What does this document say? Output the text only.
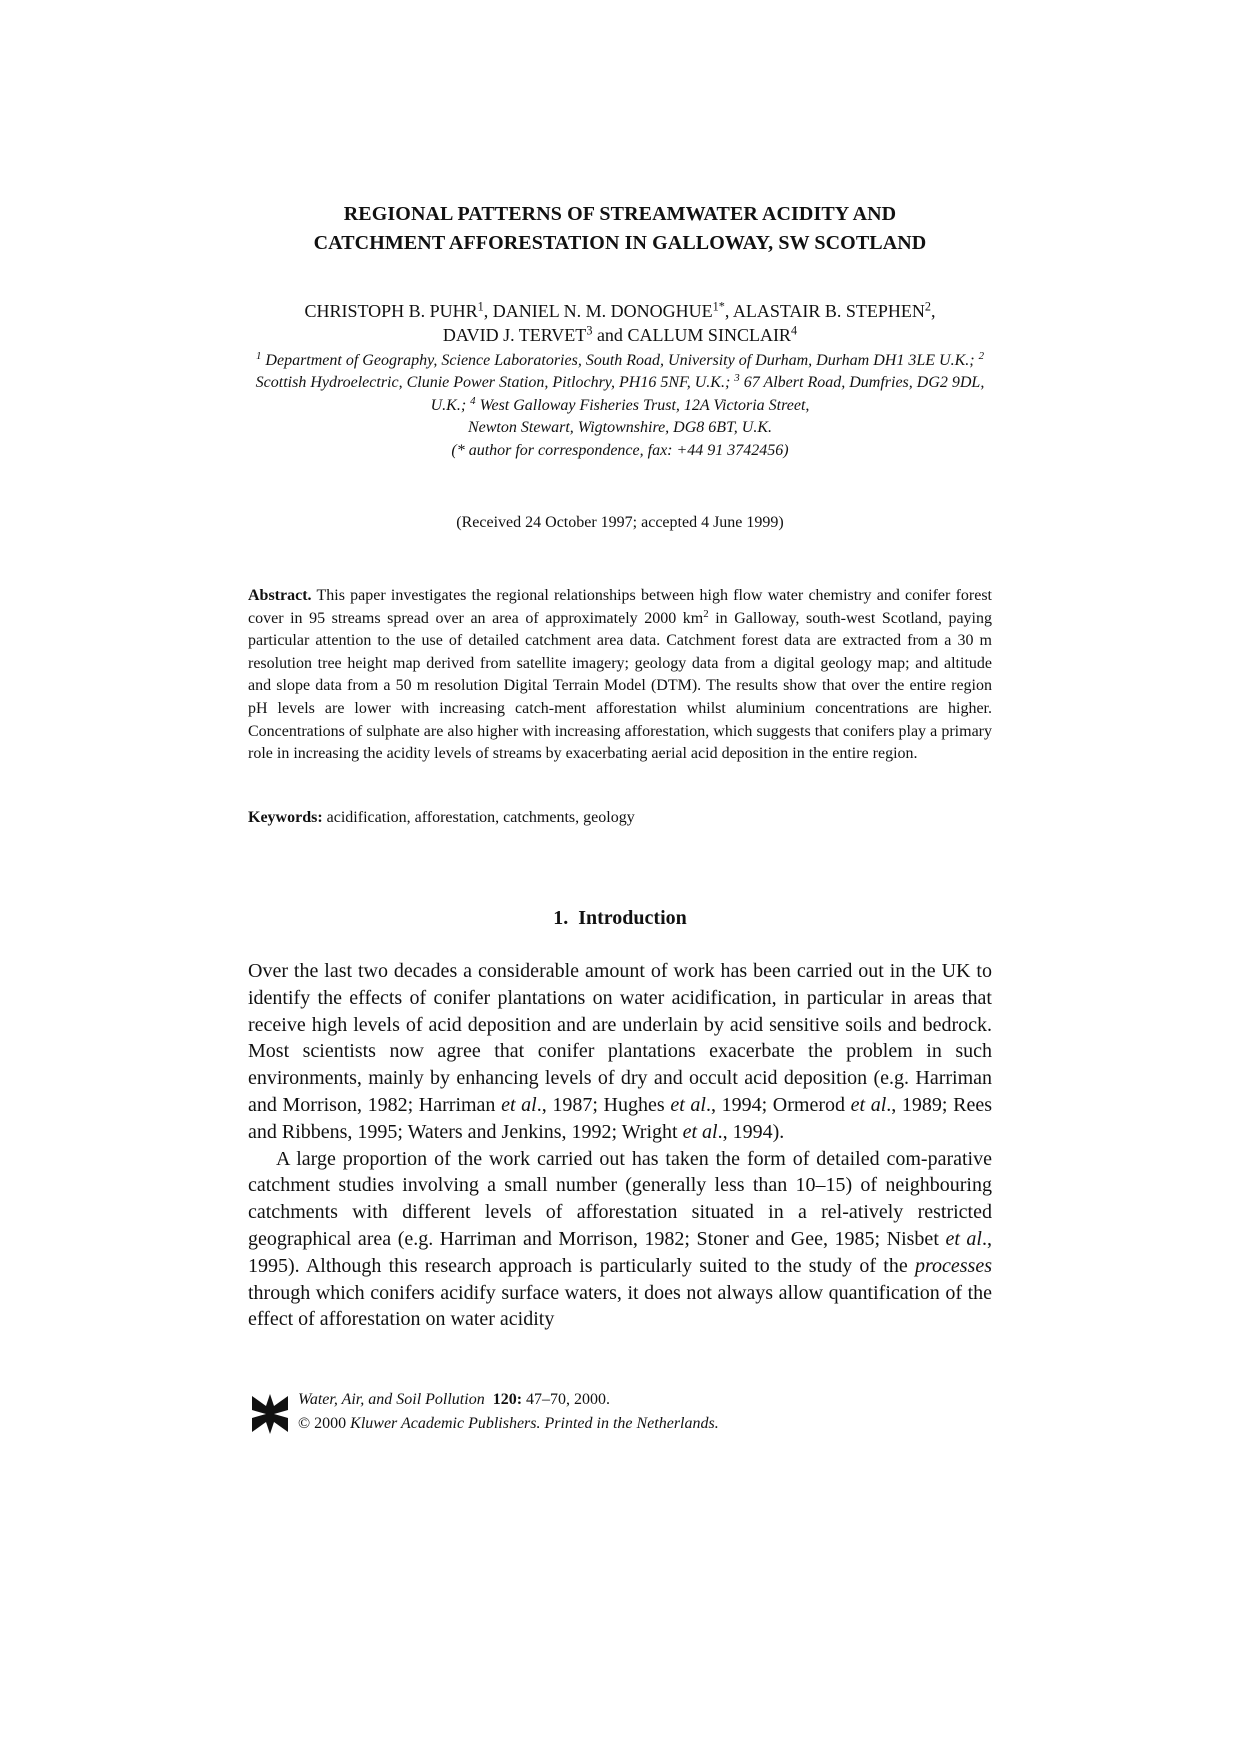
REGIONAL PATTERNS OF STREAMWATER ACIDITY AND
CATCHMENT AFFORESTATION IN GALLOWAY, SW SCOTLAND
CHRISTOPH B. PUHR$^1$, DANIEL N. M. $DONOGHUE^{1*}$, ALASTAIR B. STEPHEN$^2$,
DAVID J. TERVET$^3$ and CALLUM SINCLAIR$^4$
$^1$ Department of Geography, Science Laboratories, South Road, University of Durham, Durham DH1 3LE U.K.; $^2$ Scottish Hydroelectric, Clunie Power Station, Pitlochry, PH16 5NF, U.K.; $^3$ 67 Albert Road, Dumfries, DG2 9DL, U.K.; $^4$ West Galloway Fisheries Trust, 12A Victoria Street,
Newton Stewart, Wigtownshire, DG8 6BT, U.K.
(* author for correspondence, fax: +44 91 3742456)
(Received 24 October 1997; accepted 4 June 1999)
Abstract. This paper investigates the regional relationships between high flow water chemistry and conifer forest cover in 95 streams spread over an area of approximately 2000 $km^2$ in Galloway, south-west Scotland, paying particular attention to the use of detailed catchment area data. Catchment forest data are extracted from a 30 m resolution tree height map derived from satellite imagery; geology data from a digital geology map; and altitude and slope data from a 50 m resolution Digital Terrain Model (DTM). The results show that over the entire region pH levels are lower with increasing catch-ment afforestation whilst aluminium concentrations are higher. Concentrations of sulphate are also higher with increasing afforestation, which suggests that conifers play a primary role in increasing the acidity levels of streams by exacerbating aerial acid deposition in the entire region.
Keywords: acidification, afforestation, catchments, geology
1. Introduction

Over the last two decades a considerable amount of work has been carried out in the UK to identify the effects of conifer plantations on water acidification, in particular in areas that receive high levels of acid deposition and are underlain by acid sensitive soils and bedrock. Most scientists now agree that conifer plantations exacerbate the problem in such environments, mainly by enhancing levels of dry and occult acid deposition (e.g. Harriman and Morrison, 1982; Harriman et al., 1987; Hughes et al., 1994; Ormerod et al., 1989; Rees and Ribbens, 1995; Waters and Jenkins, 1992; Wright et al., 1994).

A large proportion of the work carried out has taken the form of detailed com-parative catchment studies involving a small number (generally less than 10–15) of neighbouring catchments with different levels of afforestation situated in a rel-atively restricted geographical area (e.g. Harriman and Morrison, 1982; Stoner and Gee, 1985; Nisbet et al., 1995). Although this research approach is particularly suited to the study of the processes through which conifers acidify surface waters, it does not always allow quantification of the effect of afforestation on water acidity

Water, Air, and Soil Pollution 120: 47–70, 2000.
© 2000 Kluwer Academic Publishers. Printed in the Netherlands.
